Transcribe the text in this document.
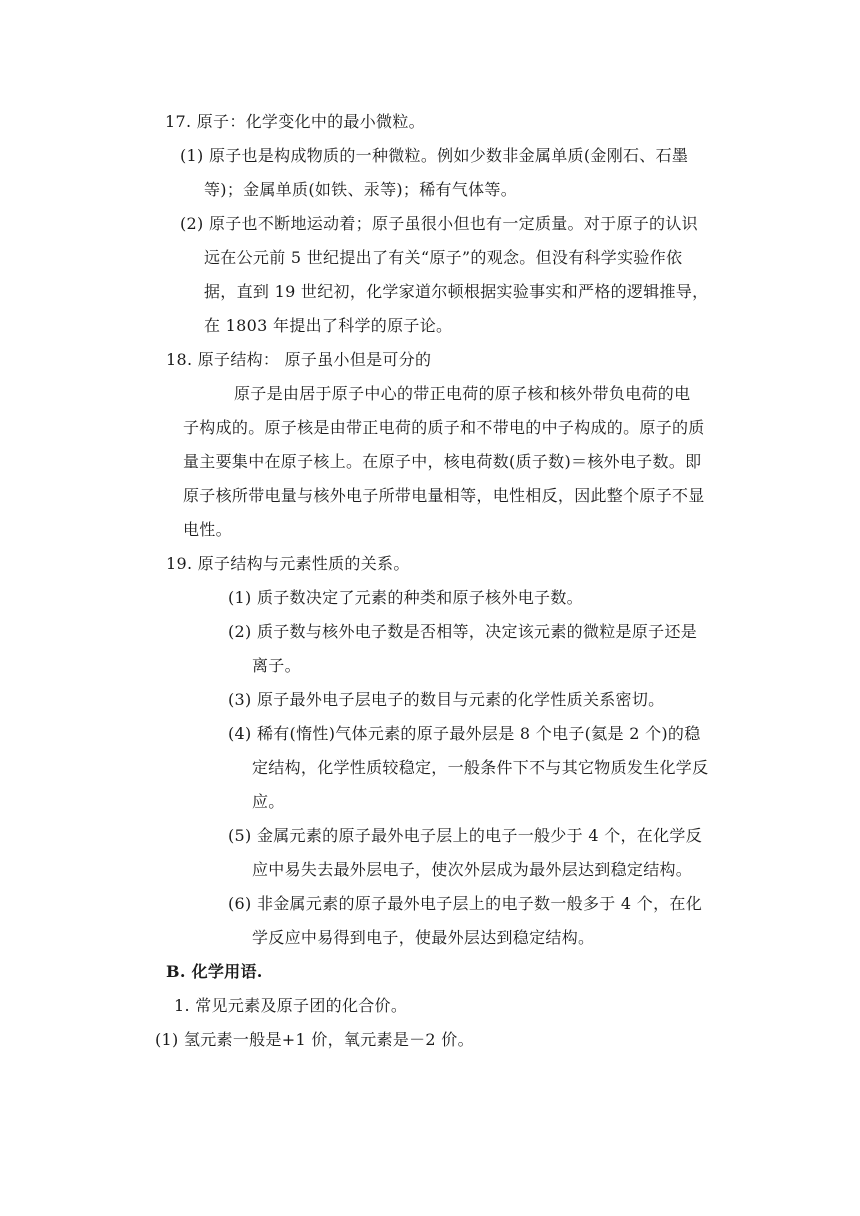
17. 原子：化学变化中的最小微粒。
(1) 原子也是构成物质的一种微粒。例如少数非金属单质(金刚石、石墨
等)；金属单质(如铁、汞等)；稀有气体等。
(2) 原子也不断地运动着；原子虽很小但也有一定质量。对于原子的认识
远在公元前 5 世纪提出了有关“原子”的观念。但没有科学实验作依
据，直到 19 世纪初，化学家道尔顿根据实验事实和严格的逻辑推导，
在 1803 年提出了科学的原子论。
18. 原子结构： 原子虽小但是可分的
原子是由居于原子中心的带正电荷的原子核和核外带负电荷的电
子构成的。原子核是由带正电荷的质子和不带电的中子构成的。原子的质
量主要集中在原子核上。在原子中，核电荷数(质子数)＝核外电子数。即
原子核所带电量与核外电子所带电量相等，电性相反，因此整个原子不显
电性。
19. 原子结构与元素性质的关系。
(1) 质子数决定了元素的种类和原子核外电子数。
(2) 质子数与核外电子数是否相等，决定该元素的微粒是原子还是
离子。
(3) 原子最外电子层电子的数目与元素的化学性质关系密切。
(4) 稀有(惰性)气体元素的原子最外层是 8 个电子(氦是 2 个)的稳
定结构，化学性质较稳定，一般条件下不与其它物质发生化学反
应。
(5) 金属元素的原子最外电子层上的电子一般少于 4 个，在化学反
应中易失去最外层电子，使次外层成为最外层达到稳定结构。
(6) 非金属元素的原子最外电子层上的电子数一般多于 4 个，在化
学反应中易得到电子，使最外层达到稳定结构。
B. 化学用语.
1. 常见元素及原子团的化合价。
(1) 氢元素一般是+1 价，氧元素是－2 价。
